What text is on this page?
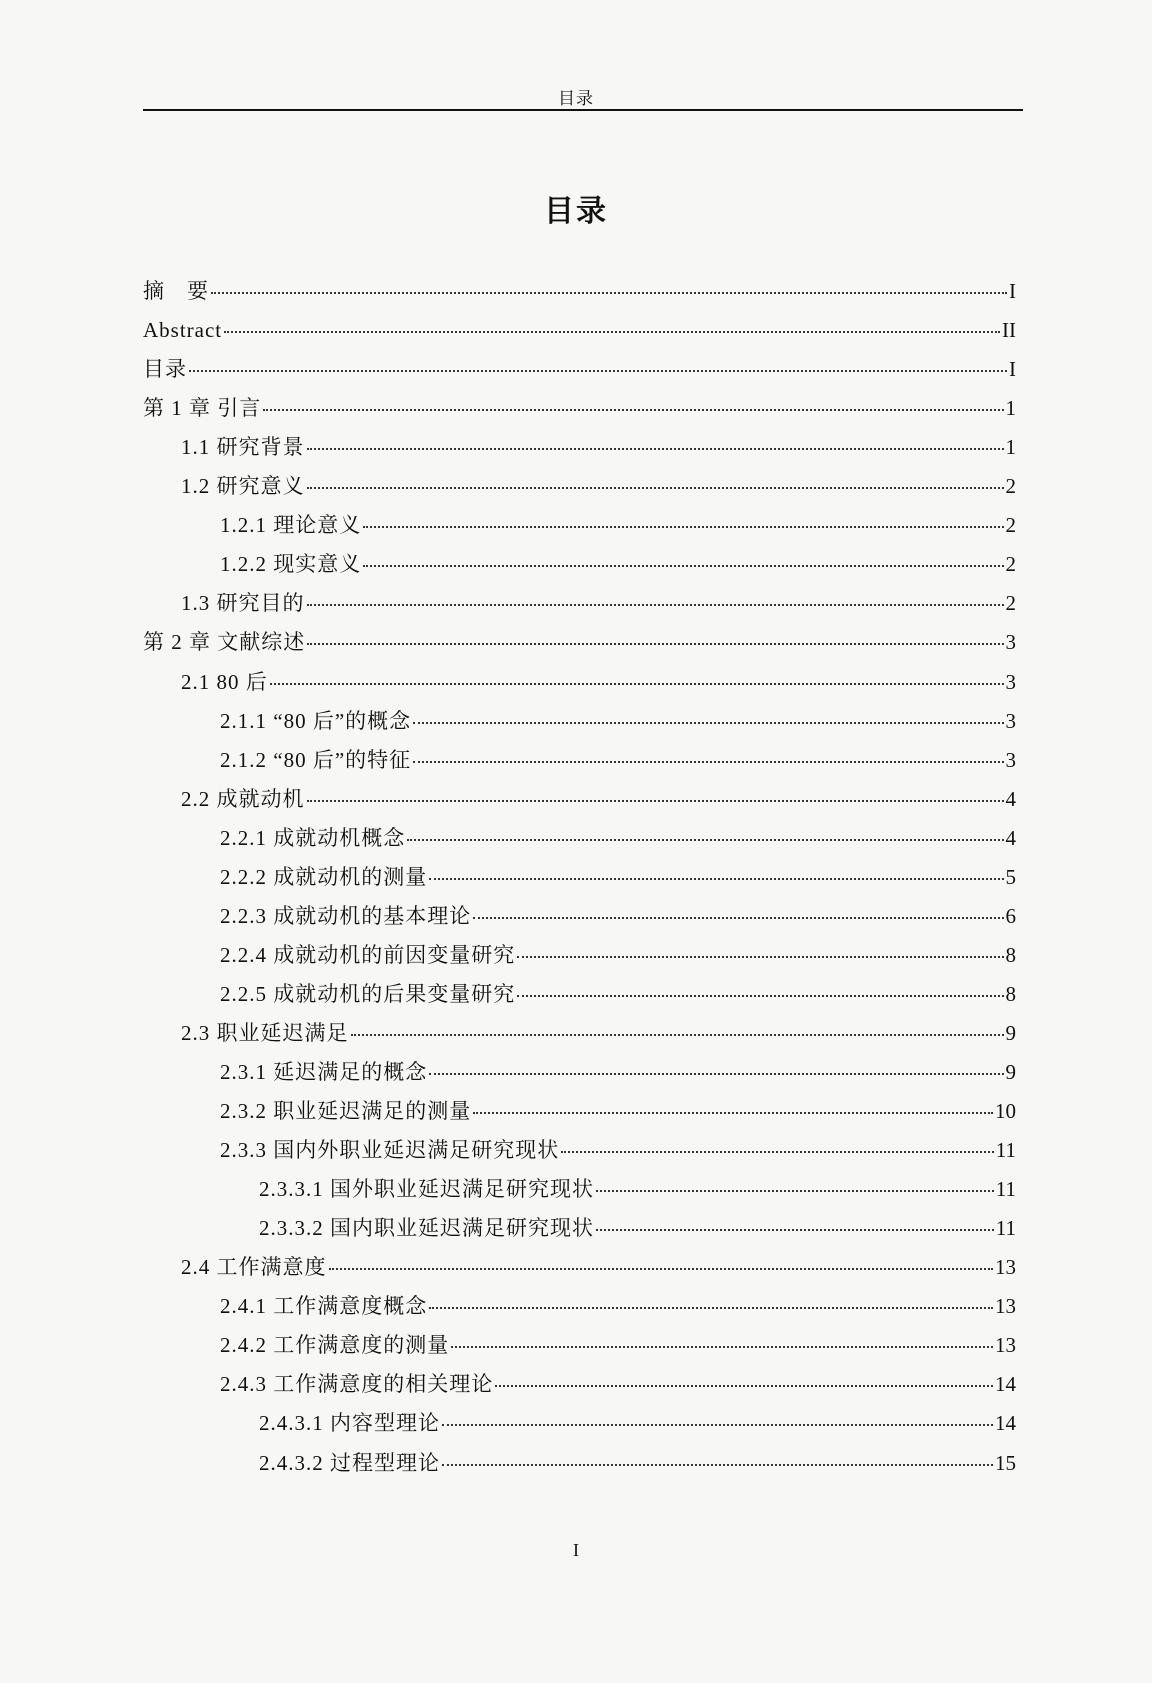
目录
目录
摘　要	I
Abstract	II
目录	I
第 1 章 引言	1
1.1 研究背景	1
1.2 研究意义	2
1.2.1 理论意义	2
1.2.2 现实意义	2
1.3 研究目的	2
第 2 章 文献综述	3
2.1 80 后	3
2.1.1 “80 后”的概念	3
2.1.2 “80 后”的特征	3
2.2 成就动机	4
2.2.1 成就动机概念	4
2.2.2 成就动机的测量	5
2.2.3 成就动机的基本理论	6
2.2.4 成就动机的前因变量研究	8
2.2.5 成就动机的后果变量研究	8
2.3 职业延迟满足	9
2.3.1 延迟满足的概念	9
2.3.2 职业延迟满足的测量	10
2.3.3 国内外职业延迟满足研究现状	11
2.3.3.1 国外职业延迟满足研究现状	11
2.3.3.2 国内职业延迟满足研究现状	11
2.4 工作满意度	13
2.4.1 工作满意度概念	13
2.4.2 工作满意度的测量	13
2.4.3 工作满意度的相关理论	14
2.4.3.1 内容型理论	14
2.4.3.2 过程型理论	15
I
